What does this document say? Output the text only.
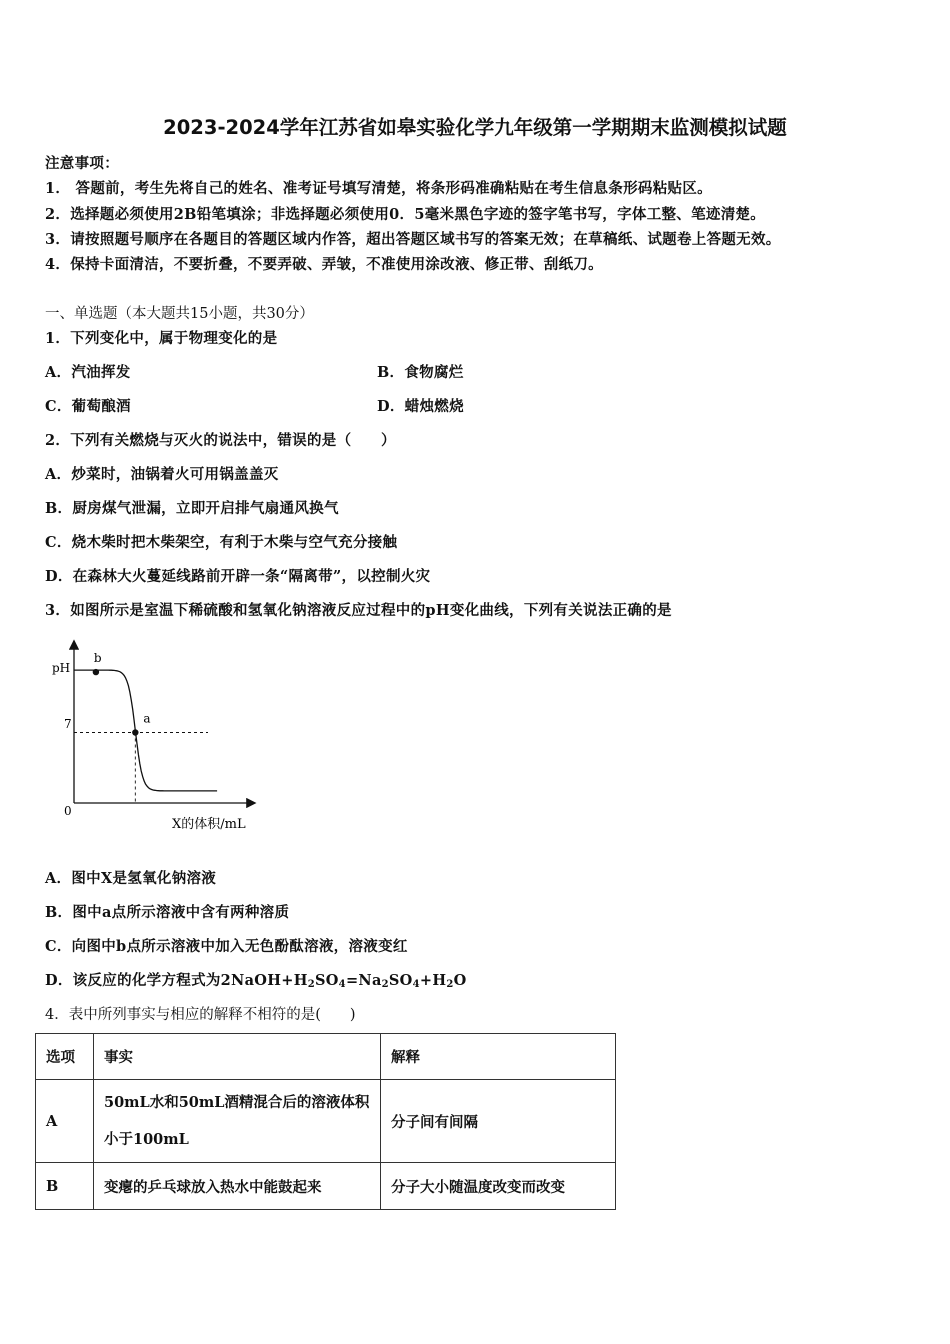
2023-2024学年江苏省如皋实验化学九年级第一学期期末监测模拟试题
注意事项：
1． 答题前，考生先将自己的姓名、准考证号填写清楚，将条形码准确粘贴在考生信息条形码粘贴区。
2．选择题必须使用2B铅笔填涂；非选择题必须使用0．5毫米黑色字迹的签字笔书写，字体工整、笔迹清楚。
3．请按照题号顺序在各题目的答题区域内作答，超出答题区域书写的答案无效；在草稿纸、试题卷上答题无效。
4．保持卡面清洁，不要折叠，不要弄破、弄皱，不准使用涂改液、修正带、刮纸刀。
一、单选题（本大题共15小题，共30分）
1．下列变化中，属于物理变化的是
A．汽油挥发	B．食物腐烂
C．葡萄酿酒	D．蜡烛燃烧
2．下列有关燃烧与灭火的说法中，错误的是（　　）
A．炒菜时，油锅着火可用锅盖盖灭
B．厨房煤气泄漏，立即开启排气扇通风换气
C．烧木柴时把木柴架空，有利于木柴与空气充分接触
D．在森林大火蔓延线路前开辟一条“隔离带”，以控制火灾
3．如图所示是室温下稀硫酸和氢氧化钠溶液反应过程中的pH变化曲线，下列有关说法正确的是
pH
7
0
X的体积/mL
b
a
A．图中X是氢氧化钠溶液
B．图中a点所示溶液中含有两种溶质
C．向图中b点所示溶液中加入无色酚酞溶液，溶液变红
D．该反应的化学方程式为$2NaOH+H_2SO_4=Na_2SO_4+H_2O$
4．表中所列事实与相应的解释不相符的是(　　)
选项	事实	解释
A	50mL水和50mL酒精混合后的溶液体积小于100mL	分子间有间隔
B	变瘪的乒乓球放入热水中能鼓起来	分子大小随温度改变而改变
